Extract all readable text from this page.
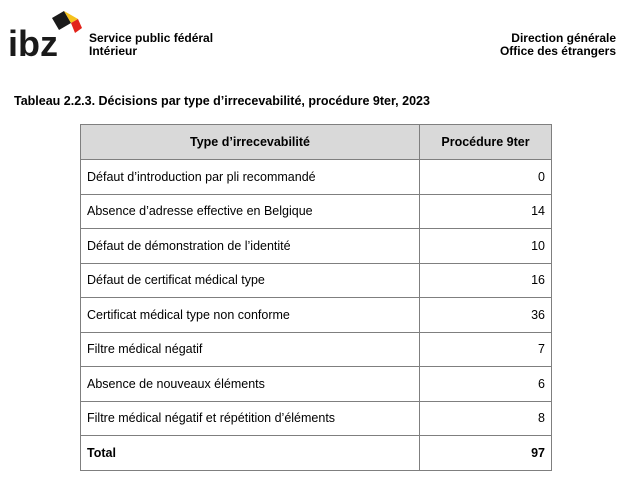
ibz	Service public fédéral
Intérieur
Direction générale
Office des étrangers
Tableau 2.2.3. Décisions par type d’irrecevabilité, procédure 9ter, 2023
Type d’irrecevabilité	Procédure 9ter
Défaut d’introduction par pli recommandé	0
Absence d’adresse effective en Belgique	14
Défaut de démonstration de l’identité	10
Défaut de certificat médical type	16
Certificat médical type non conforme	36
Filtre médical négatif	7
Absence de nouveaux éléments	6
Filtre médical négatif et répétition d’éléments	8
Total	97
